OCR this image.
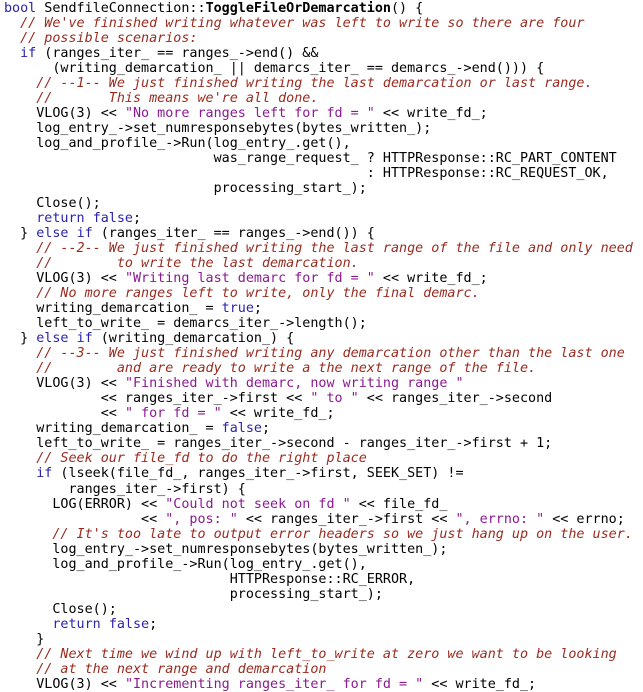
bool SendfileConnection::ToggleFileOrDemarcation() {
// We've finished writing whatever was left to write so there are four
// possible scenarios:
if (ranges_iter_ == ranges_->end() &&
(writing_demarcation_ || demarcs_iter_ == demarcs_->end())) {
// --1-- We just finished writing the last demarcation or last range.
//       This means we're all done.
VLOG(3) << "No more ranges left for fd = " << write_fd_;
log_entry_->set_numresponsebytes(bytes_written_);
log_and_profile_->Run(log_entry_.get(),
was_range_request_ ? HTTPResponse::RC_PART_CONTENT
: HTTPResponse::RC_REQUEST_OK,
processing_start_);
Close();
return false;
} else if (ranges_iter_ == ranges_->end()) {
// --2-- We just finished writing the last range of the file and only need
//        to write the last demarcation.
VLOG(3) << "Writing last demarc for fd = " << write_fd_;
// No more ranges left to write, only the final demarc.
writing_demarcation_ = true;
left_to_write_ = demarcs_iter_->length();
} else if (writing_demarcation_) {
// --3-- We just finished writing any demarcation other than the last one
//        and are ready to write a the next range of the file.
VLOG(3) << "Finished with demarc, now writing range "
<< ranges_iter_->first << " to " << ranges_iter_->second
<< " for fd = " << write_fd_;
writing_demarcation_ = false;
left_to_write_ = ranges_iter_->second - ranges_iter_->first + 1;
// Seek our file_fd to do the right place
if (lseek(file_fd_, ranges_iter_->first, SEEK_SET) !=
ranges_iter_->first) {
LOG(ERROR) << "Could not seek on fd " << file_fd_
<< ", pos: " << ranges_iter_->first << ", errno: " << errno;
// It's too late to output error headers so we just hang up on the user.
log_entry_->set_numresponsebytes(bytes_written_);
log_and_profile_->Run(log_entry_.get(),
HTTPResponse::RC_ERROR,
processing_start_);
Close();
return false;
}
// Next time we wind up with left_to_write at zero we want to be looking
// at the next range and demarcation
VLOG(3) << "Incrementing ranges_iter_ for fd = " << write_fd_;
